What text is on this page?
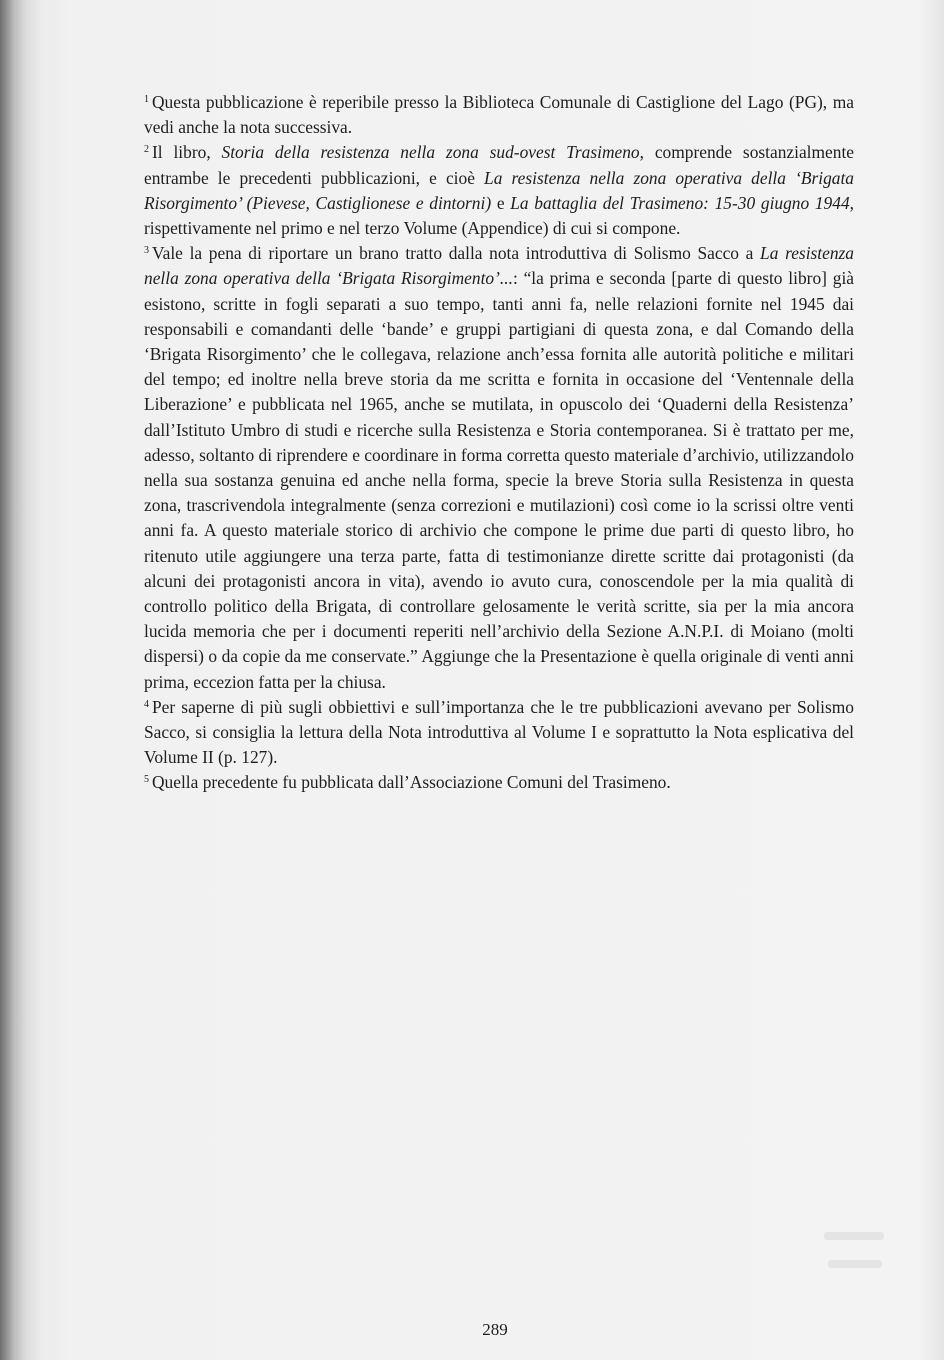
$^1$ Questa pubblicazione è reperibile presso la Biblioteca Comunale di Castiglione del Lago (PG), ma vedi anche la nota successiva.

$^2$ Il libro, Storia della resistenza nella zona sud-ovest Trasimeno, comprende sostanzialmente entrambe le precedenti pubblicazioni, e cioè La resistenza nella zona operativa della ‘Brigata Risorgimento’ (Pievese, Castiglionese e dintorni) e La battaglia del Trasimeno: 15-30 giugno 1944, rispettivamente nel primo e nel terzo Volume (Appendice) di cui si compone.

$^3$ Vale la pena di riportare un brano tratto dalla nota introduttiva di Solismo Sacco a La resistenza nella zona operativa della ‘Brigata Risorgimento’...: “la prima e seconda [parte di questo libro] già esistono, scritte in fogli separati a suo tempo, tanti anni fa, nelle relazioni fornite nel 1945 dai responsabili e comandanti delle ‘bande’ e gruppi partigiani di questa zona, e dal Comando della ‘Brigata Risorgimento’ che le collegava, relazione anch’essa fornita alle autorità politiche e militari del tempo; ed inoltre nella breve storia da me scritta e fornita in occasione del ‘Ventennale della Liberazione’ e pubblicata nel 1965, anche se mutilata, in opuscolo dei ‘Quaderni della Resistenza’ dall’Istituto Umbro di studi e ricerche sulla Resistenza e Storia contemporanea. Si è trattato per me, adesso, soltanto di riprendere e coordinare in forma corretta questo materiale d’archivio, utilizzandolo nella sua sostanza genuina ed anche nella forma, specie la breve Storia sulla Resistenza in questa zona, trascrivendola integralmente (senza correzioni e mutilazioni) così come io la scrissi oltre venti anni fa. A questo materiale storico di archivio che compone le prime due parti di questo libro, ho ritenuto utile aggiungere una terza parte, fatta di testimonianze dirette scritte dai protagonisti (da alcuni dei protagonisti ancora in vita), avendo io avuto cura, conoscendole per la mia qualità di controllo politico della Brigata, di controllare gelosamente le verità scritte, sia per la mia ancora lucida memoria che per i documenti reperiti nell’archivio della Sezione A.N.P.I. di Moiano (molti dispersi) o da copie da me conservate.” Aggiunge che la Presentazione è quella originale di venti anni prima, eccezion fatta per la chiusa.

$^4$ Per saperne di più sugli obbiettivi e sull’importanza che le tre pubblicazioni avevano per Solismo Sacco, si consiglia la lettura della Nota introduttiva al Volume I e soprattutto la Nota esplicativa del Volume II (p. 127).

$^5$ Quella precedente fu pubblicata dall’Associazione Comuni del Trasimeno.

289
